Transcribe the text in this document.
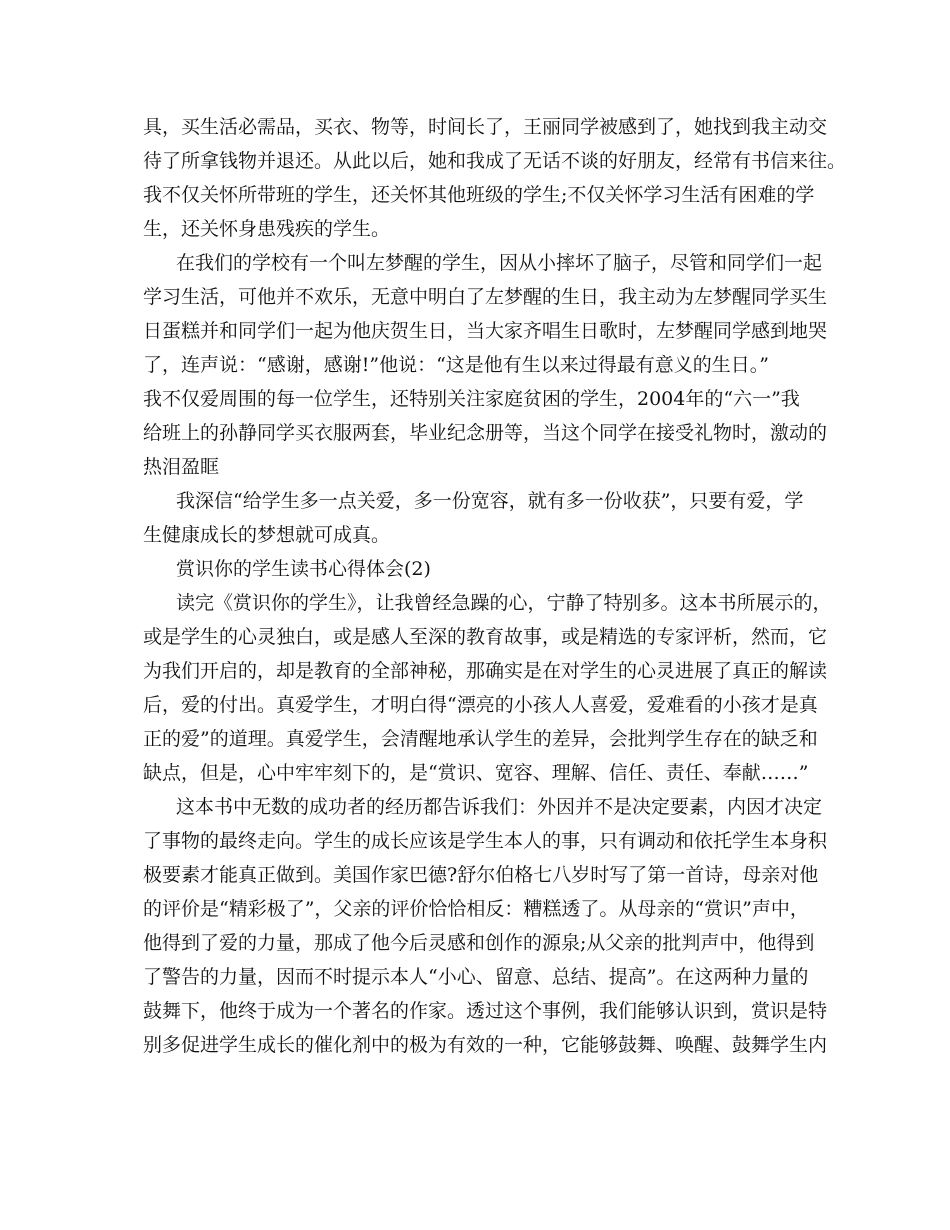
具，买生活必需品，买衣、物等，时间长了，王丽同学被感到了，她找到我主动交
待了所拿钱物并退还。从此以后，她和我成了无话不谈的好朋友，经常有书信来往。
我不仅关怀所带班的学生，还关怀其他班级的学生;不仅关怀学习生活有困难的学
生，还关怀身患残疾的学生。
在我们的学校有一个叫左梦醒的学生，因从小摔坏了脑子，尽管和同学们一起
学习生活，可他并不欢乐，无意中明白了左梦醒的生日，我主动为左梦醒同学买生
日蛋糕并和同学们一起为他庆贺生日，当大家齐唱生日歌时，左梦醒同学感到地哭
了，连声说：“感谢，感谢!”他说：“这是他有生以来过得最有意义的生日。”
我不仅爱周围的每一位学生，还特别关注家庭贫困的学生，2004年的“六一”我
给班上的孙静同学买衣服两套，毕业纪念册等，当这个同学在接受礼物时，激动的
热泪盈眶
我深信“给学生多一点关爱，多一份宽容，就有多一份收获”，只要有爱，学
生健康成长的梦想就可成真。
赏识你的学生读书心得体会(2)
读完《赏识你的学生》，让我曾经急躁的心，宁静了特别多。这本书所展示的，
或是学生的心灵独白，或是感人至深的教育故事，或是精选的专家评析，然而，它
为我们开启的，却是教育的全部神秘，那确实是在对学生的心灵进展了真正的解读
后，爱的付出。真爱学生，才明白得“漂亮的小孩人人喜爱，爱难看的小孩才是真
正的爱”的道理。真爱学生，会清醒地承认学生的差异，会批判学生存在的缺乏和
缺点，但是，心中牢牢刻下的，是“赏识、宽容、理解、信任、责任、奉献……”
这本书中无数的成功者的经历都告诉我们：外因并不是决定要素，内因才决定
了事物的最终走向。学生的成长应该是学生本人的事，只有调动和依托学生本身积
极要素才能真正做到。美国作家巴德?舒尔伯格七八岁时写了第一首诗，母亲对他
的评价是“精彩极了”，父亲的评价恰恰相反：糟糕透了。从母亲的“赏识”声中，
他得到了爱的力量，那成了他今后灵感和创作的源泉;从父亲的批判声中，他得到
了警告的力量，因而不时提示本人“小心、留意、总结、提高”。在这两种力量的
鼓舞下，他终于成为一个著名的作家。透过这个事例，我们能够认识到，赏识是特
别多促进学生成长的催化剂中的极为有效的一种，它能够鼓舞、唤醒、鼓舞学生内
